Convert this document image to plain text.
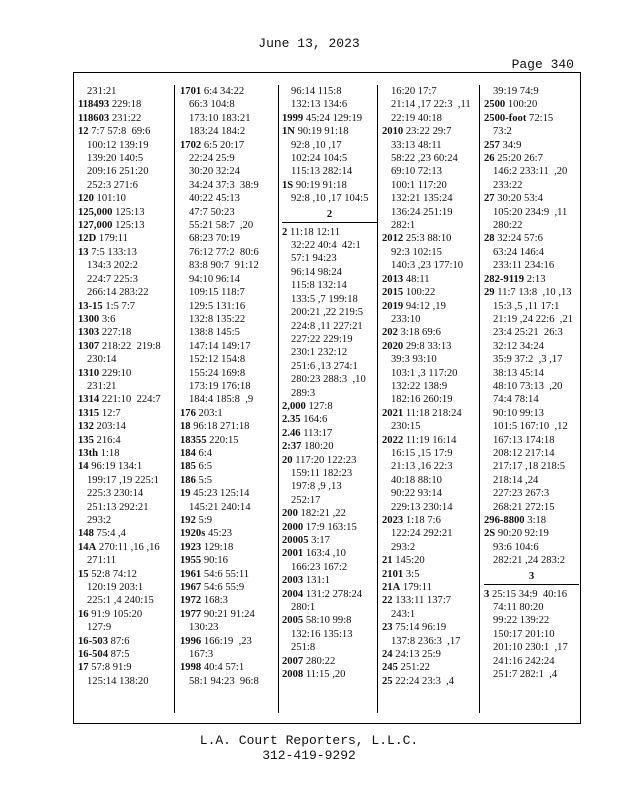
June 13, 2023
Page 340
231:21
118493 229:18
118603 231:22
12 7:7 57:8  69:6
100:12 139:19
139:20 140:5
209:16 251:20
252:3 271:6
120 101:10
125,000 125:13
127,000 125:13
12D 179:11
13 7:5 133:13
134:3 202:2
224:7 225:3
266:14 283:22
13-15 1:5 7:7
1300 3:6
1303 227:18
1307 218:22  219:8
230:14
1310 229:10
231:21
1314 221:10  224:7
1315 12:7
132 203:14
135 216:4
13th 1:18
14 96:19 134:1
199:17 ,19 225:1
225:3 230:14
251:13 292:21
293:2
148 75:4 ,4
14A 270:11 ,16 ,16
271:11
15 52:8 74:12
120:19 203:1
225:1 ,4 240:15
16 91:9 105:20
127:9
16-503 87:6
16-504 87:5
17 57:8 91:9
125:14 138:20
1701 6:4 34:22
66:3 104:8
173:10 183:21
183:24 184:2
1702 6:5 20:17
22:24 25:9
30:20 32:24
34:24 37:3  38:9
40:22 45:13
47:7 50:23
55:21 58:7  ,20
68:23 70:19
76:12 77:2  80:6
83:8 90:7  91:12
94:10 96:14
109:15 118:7
129:5 131:16
132:8 135:22
138:8 145:5
147:14 149:17
152:12 154:8
155:24 169:8
173:19 176:18
184:4 185:8  ,9
176 203:1
18 96:18 271:18
18355 220:15
184 6:4
185 6:5
186 5:5
19 45:23 125:14
145:21 240:14
192 5:9
1920s 45:23
1923 129:18
1955 90:16
1961 54:6 55:11
1967 54:6 55:9
1972 168:3
1977 90:21 91:24
130:23
1996 166:19  ,23
167:3
1998 40:4 57:1
58:1 94:23  96:8
96:14 115:8
132:13 134:6
1999 45:24 129:19
1N 90:19 91:18
92:8 ,10 ,17
102:24 104:5
115:13 282:14
1S 90:19 91:18
92:8 ,10 ,17 104:5
2
2 11:18 12:11
32:22 40:4  42:1
57:1 94:23
96:14 98:24
115:8 132:14
133:5 ,7 199:18
200:21 ,22 219:5
224:8 ,11 227:21
227:22 229:19
230:1 232:12
251:6 ,13 274:1
280:23 288:3  ,10
289:3
2,000 127:8
2.35 164:6
2.46 113:17
2:37 180:20
20 117:20 122:23
159:11 182:23
197:8 ,9 ,13
252:17
200 182:21 ,22
2000 17:9 163:15
20005 3:17
2001 163:4 ,10
166:23 167:2
2003 131:1
2004 131:2 278:24
280:1
2005 58:10 99:8
132:16 135:13
251:8
2007 280:22
2008 11:15 ,20
16:20 17:7
21:14 ,17 22:3  ,11
22:19 40:18
2010 23:22 29:7
33:13 48:11
58:22 ,23 60:24
69:10 72:13
100:1 117:20
132:21 135:24
136:24 251:19
282:1
2012 25:3 88:10
92:3 102:15
140:3 ,23 177:10
2013 48:11
2015 100:22
2019 94:12 ,19
233:10
202 3:18 69:6
2020 29:8 33:13
39:3 93:10
103:1 ,3 117:20
132:22 138:9
182:16 260:19
2021 11:18 218:24
230:15
2022 11:19 16:14
16:15 ,15 17:9
21:13 ,16 22:3
40:18 88:10
90:22 93:14
229:13 230:14
2023 1:18 7:6
122:24 292:21
293:2
21 145:20
2101 3:5
21A 179:11
22 133:11 137:7
243:1
23 75:14 96:19
137:8 236:3  ,17
24 24:13 25:9
245 251:22
25 22:24 23:3  ,4
39:19 74:9
2500 100:20
2500-foot 72:15
73:2
257 34:9
26 25:20 26:7
146:2 233:11  ,20
233:22
27 30:20 53:4
105:20 234:9  ,11
280:22
28 32:24 57:6
63:24 146:4
233:11 234:16
282-9119 2:13
29 11:7 13:8  ,10 ,13
15:3 ,5 ,11 17:1
21:19 ,24 22:6  ,21
23:4 25:21  26:3
32:12 34:24
35:9 37:2  ,3 ,17
38:13 45:14
48:10 73:13  ,20
74:4 78:14
90:10 99:13
101:5 167:10  ,12
167:13 174:18
208:12 217:14
217:17 ,18 218:5
218:14 ,24
227:23 267:3
268:21 272:15
296-8800 3:18
2S 90:20 92:19
93:6 104:6
282:21 ,24 283:2
3
3 25:15 34:9  40:16
74:11 80:20
99:22 139:22
150:17 201:10
201:10 230:1  ,17
241:16 242:24
251:7 282:1  ,4
L.A. Court Reporters, L.L.C.
312-419-9292
